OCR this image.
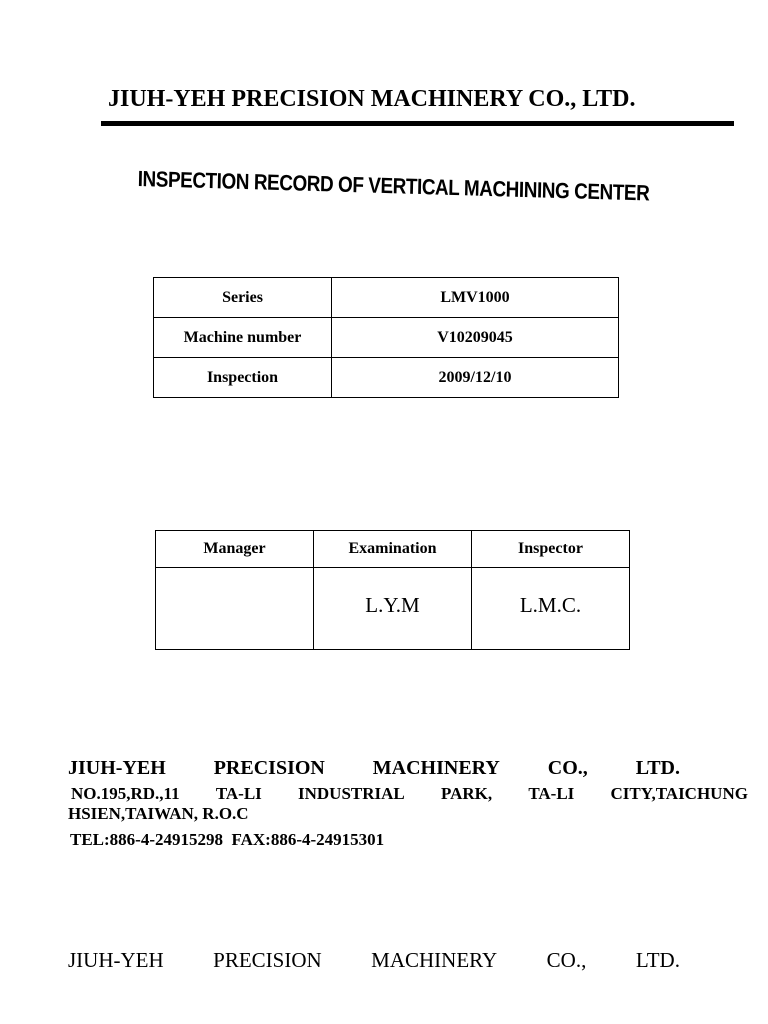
JIUH-YEH PRECISION MACHINERY CO., LTD.
INSPECTION RECORD OF VERTICAL MACHINING CENTER
Series	LMV1000
Machine number	V10209045
Inspection	2009/12/10
Manager	Examination	Inspector
	L.Y.M	L.M.C.
JIUH-YEH PRECISION MACHINERY CO., LTD.
NO.195,RD.,11 TA-LI INDUSTRIAL PARK, TA-LI CITY,TAICHUNG
HSIEN,TAIWAN, R.O.C
TEL:886-4-24915298  FAX:886-4-24915301
JIUH-YEH PRECISION MACHINERY CO., LTD.
